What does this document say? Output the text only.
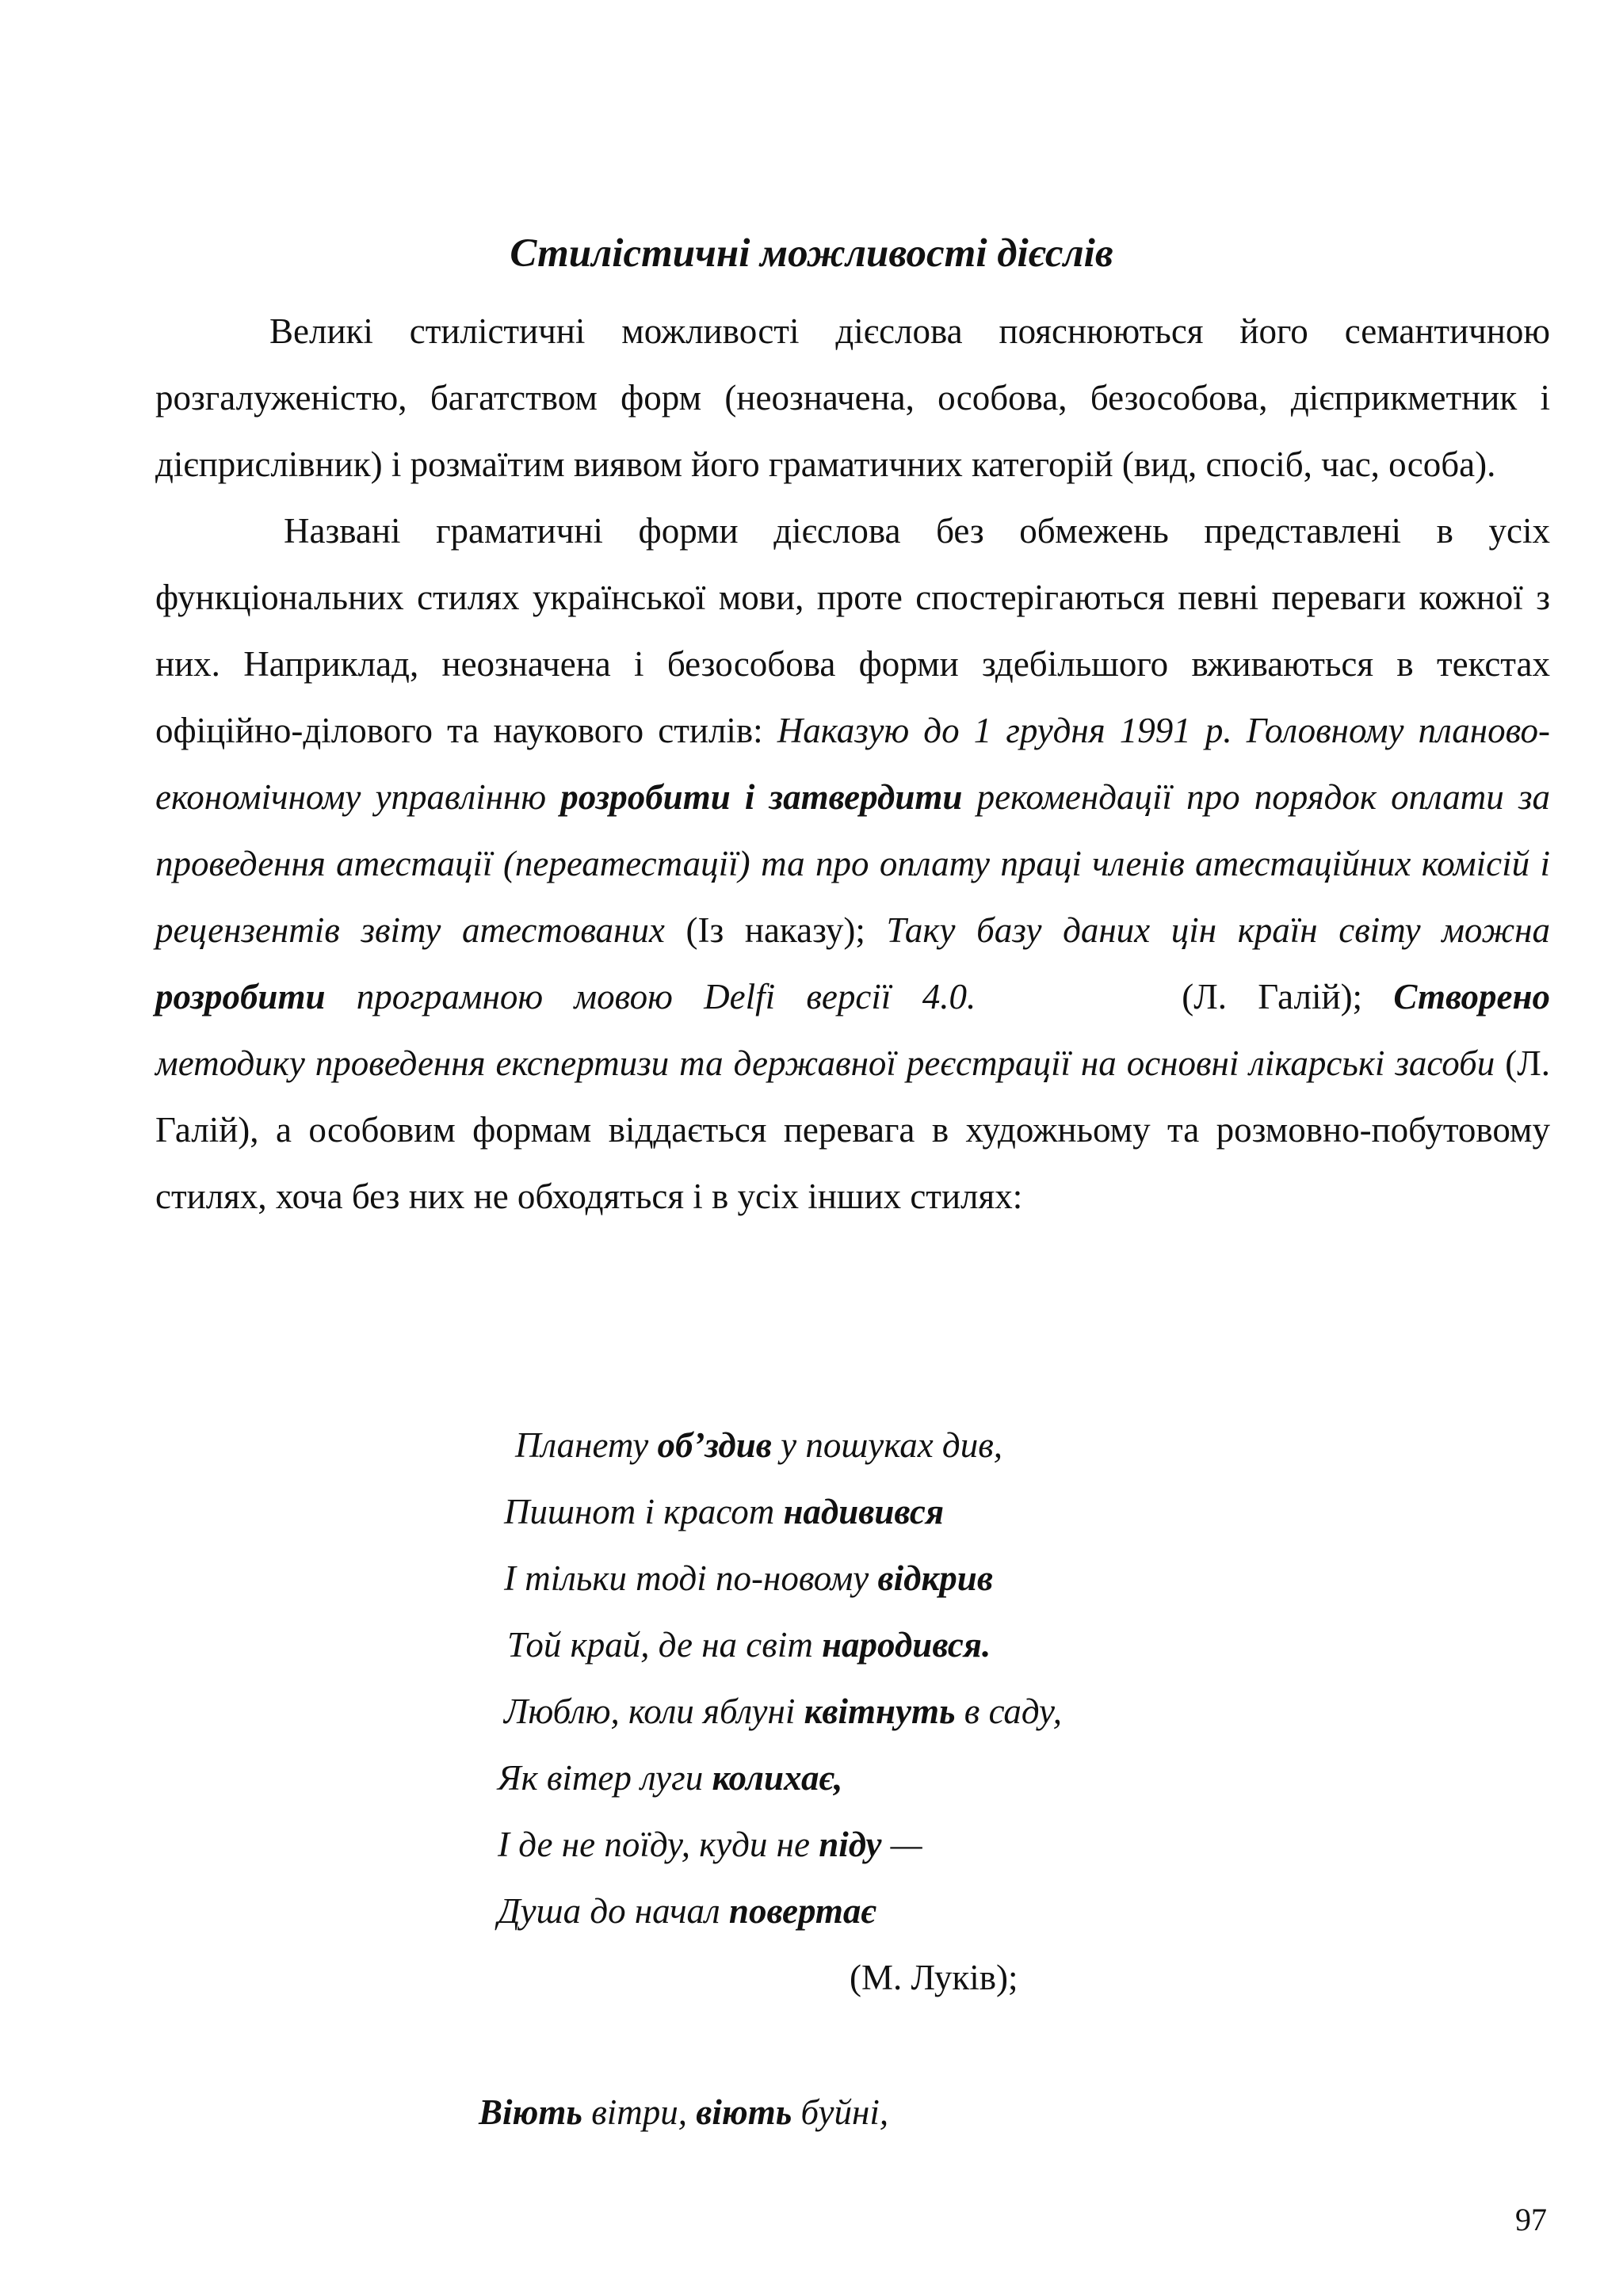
Стилістичні можливості дієслів

Великі стилістичні можливості дієслова пояснюються його семантичною розгалуженістю, багатством форм (неозначена, особова, безособова, дієприкметник і дієприслівник) і розмаїтим виявом його граматичних категорій (вид, спосіб, час, особа).

Названі граматичні форми дієслова без обмежень представлені в усіх функціональних стилях української мови, проте спостерігаються певні переваги кожної з них. Наприклад, неозначена і безособова форми здебільшого вживаються в текстах офіційно-ділового та наукового стилів: Наказую до 1 грудня 1991 р. Головному планово-економічному управлінню розробити і затвердити рекомендації про порядок оплати за проведення атестації (переатестації) та про оплату праці членів атестаційних комісій і рецензентів звіту атестованих (Із наказу); Таку базу даних цін країн світу можна розробити програмною мовою Delfi версії 4.0.	(Л. Галій); Створено методику проведення експертизи та державної реєстрації на основні лікарські засоби (Л. Галій), а особовим формам віддається перевага в художньому та розмовно-побутовому стилях, хоча без них не обходяться і в усіх інших стилях:

Планету об’здив у пошуках див,
Пишнот і красот надивився
І тільки тоді по-новому відкрив
Той край, де на світ народився.
Люблю, коли яблуні квітнуть в саду,
Як вітер луги колихає,
І де не поїду, куди не піду —
Душа до начал повертає
(М. Луків);
Віють вітри, віють буйні,
97
